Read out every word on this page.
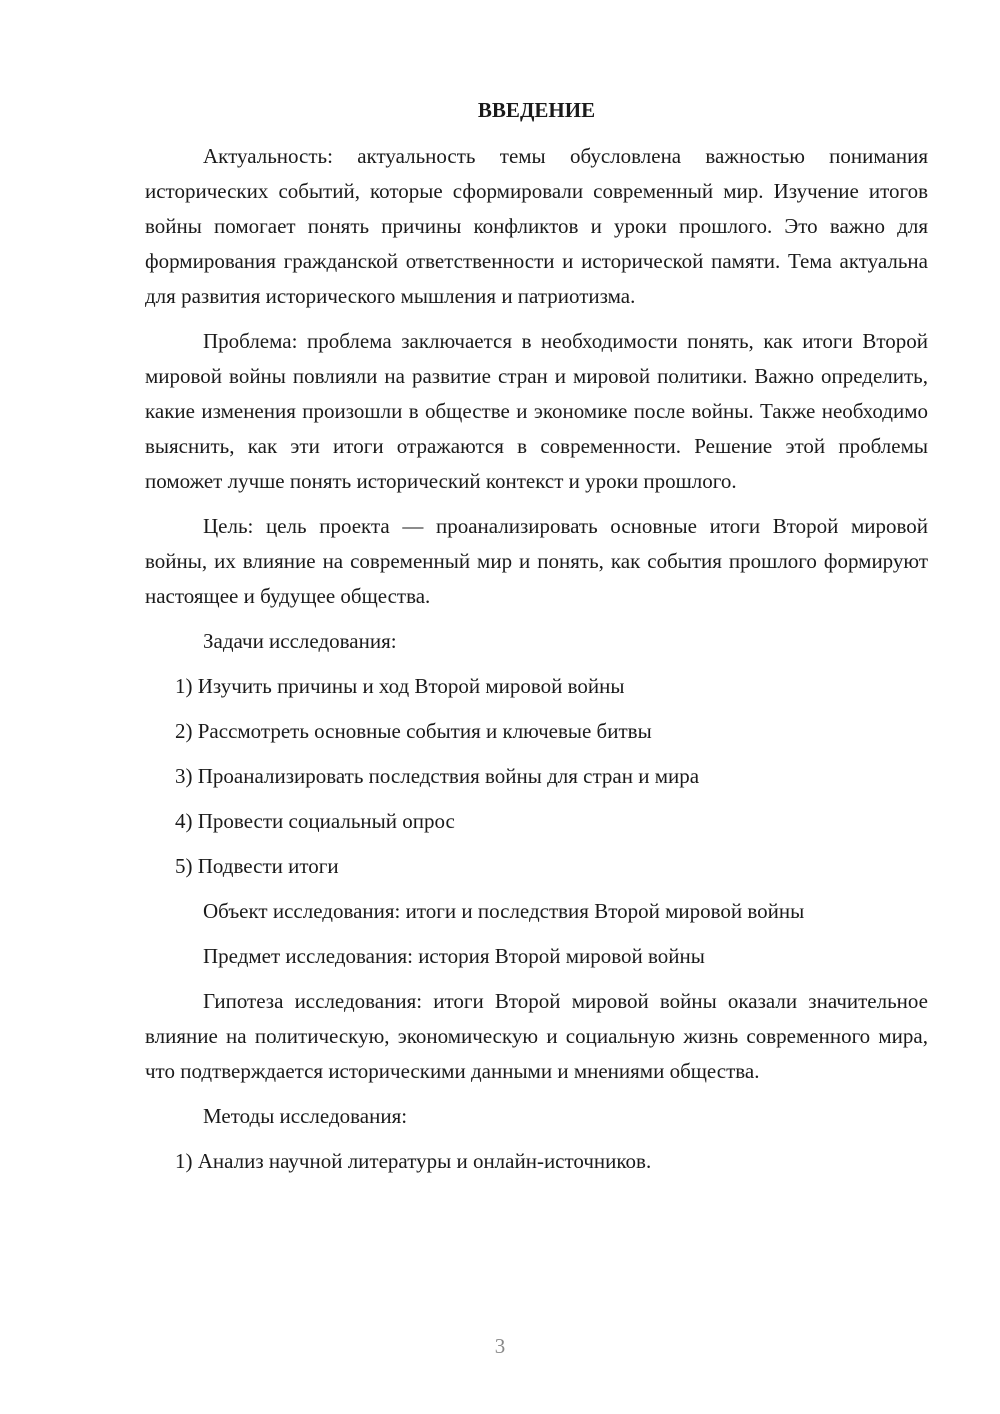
ВВЕДЕНИЕ

Актуальность: актуальность темы обусловлена важностью понимания исторических событий, которые сформировали современный мир. Изучение итогов войны помогает понять причины конфликтов и уроки прошлого. Это важно для формирования гражданской ответственности и исторической памяти. Тема актуальна для развития исторического мышления и патриотизма.

Проблема: проблема заключается в необходимости понять, как итоги Второй мировой войны повлияли на развитие стран и мировой политики. Важно определить, какие изменения произошли в обществе и экономике после войны. Также необходимо выяснить, как эти итоги отражаются в современности. Решение этой проблемы поможет лучше понять исторический контекст и уроки прошлого.

Цель: цель проекта — проанализировать основные итоги Второй мировой войны, их влияние на современный мир и понять, как события прошлого формируют настоящее и будущее общества.

Задачи исследования:

1) Изучить причины и ход Второй мировой войны

2) Рассмотреть основные события и ключевые битвы

3) Проанализировать последствия войны для стран и мира

4) Провести социальный опрос

5) Подвести итоги

Объект исследования: итоги и последствия Второй мировой войны

Предмет исследования: история Второй мировой войны

Гипотеза исследования: итоги Второй мировой войны оказали значительное влияние на политическую, экономическую и социальную жизнь современного мира, что подтверждается историческими данными и мнениями общества.

Методы исследования:

1) Анализ научной литературы и онлайн-источников.

3
